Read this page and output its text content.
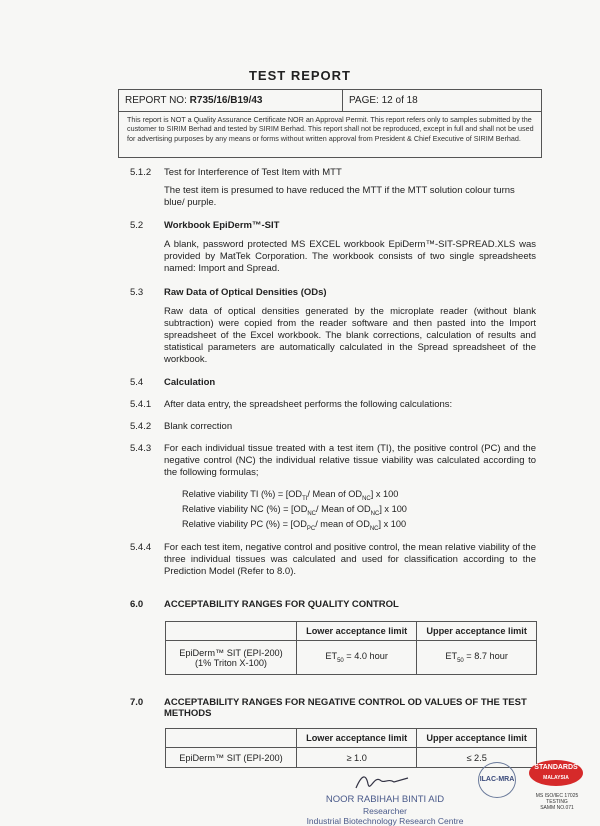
TEST REPORT
REPORT NO: R735/16/B19/43	PAGE: 12 of 18
This report is NOT a Quality Assurance Certificate NOR an Approval Permit. This report refers only to samples submitted by the customer to SIRIM Berhad and tested by SIRIM Berhad. This report shall not be reproduced, except in full and shall not be used for advertising purposes by any means or forms without written approval from President & Chief Executive of SIRIM Berhad.
5.1.2 Test for Interference of Test Item with MTT
The test item is presumed to have reduced the MTT if the MTT solution colour turns blue/ purple.
5.2 Workbook EpiDerm™-SIT
A blank, password protected MS EXCEL workbook EpiDerm™-SIT-SPREAD.XLS was provided by MatTek Corporation. The workbook consists of two single spreadsheets named: Import and Spread.
5.3 Raw Data of Optical Densities (ODs)
Raw data of optical densities generated by the microplate reader (without blank subtraction) were copied from the reader software and then pasted into the Import spreadsheet of the Excel workbook. The blank corrections, calculation of results and statistical parameters are automatically calculated in the Spread spreadsheet of the workbook.
5.4 Calculation
5.4.1 After data entry, the spreadsheet performs the following calculations:
5.4.2 Blank correction
5.4.3 For each individual tissue treated with a test item (TI), the positive control (PC) and the negative control (NC) the individual relative tissue viability was calculated according to the following formulas;
Relative viability TI (%) = [$OD_{TI}/$ Mean of $OD_{NC}$] x 100
Relative viability NC (%) = [$OD_{NC}/$ Mean of $OD_{NC}$] x 100
Relative viability PC (%) = [$OD_{PC}/$ mean of $OD_{NC}$] x 100
5.4.4 For each test item, negative control and positive control, the mean relative viability of the three individual tissues was calculated and used for classification according to the Prediction Model (Refer to 8.0).
6.0 ACCEPTABILITY RANGES FOR QUALITY CONTROL
	Lower acceptance limit	Upper acceptance limit

EpiDerm™ SIT (EPI-200)
(1% Triton X-100)	$ET_{50} = 4.0$ hour	$ET_{50} = 8.7$ hour
7.0 ACCEPTABILITY RANGES FOR NEGATIVE CONTROL OD VALUES OF THE TEST METHODS
	Lower acceptance limit	Upper acceptance limit
EpiDerm™ SIT (EPI-200)	≥ 1.0	≤ 2.5
NOOR RABIHAH BINTI AID
Researcher
Industrial Biotechnology Research Centre
ILAC-MRA
STANDARDS
MALAYSIA
MS ISO/IEC 17025
TESTING
SAMM NO.071
